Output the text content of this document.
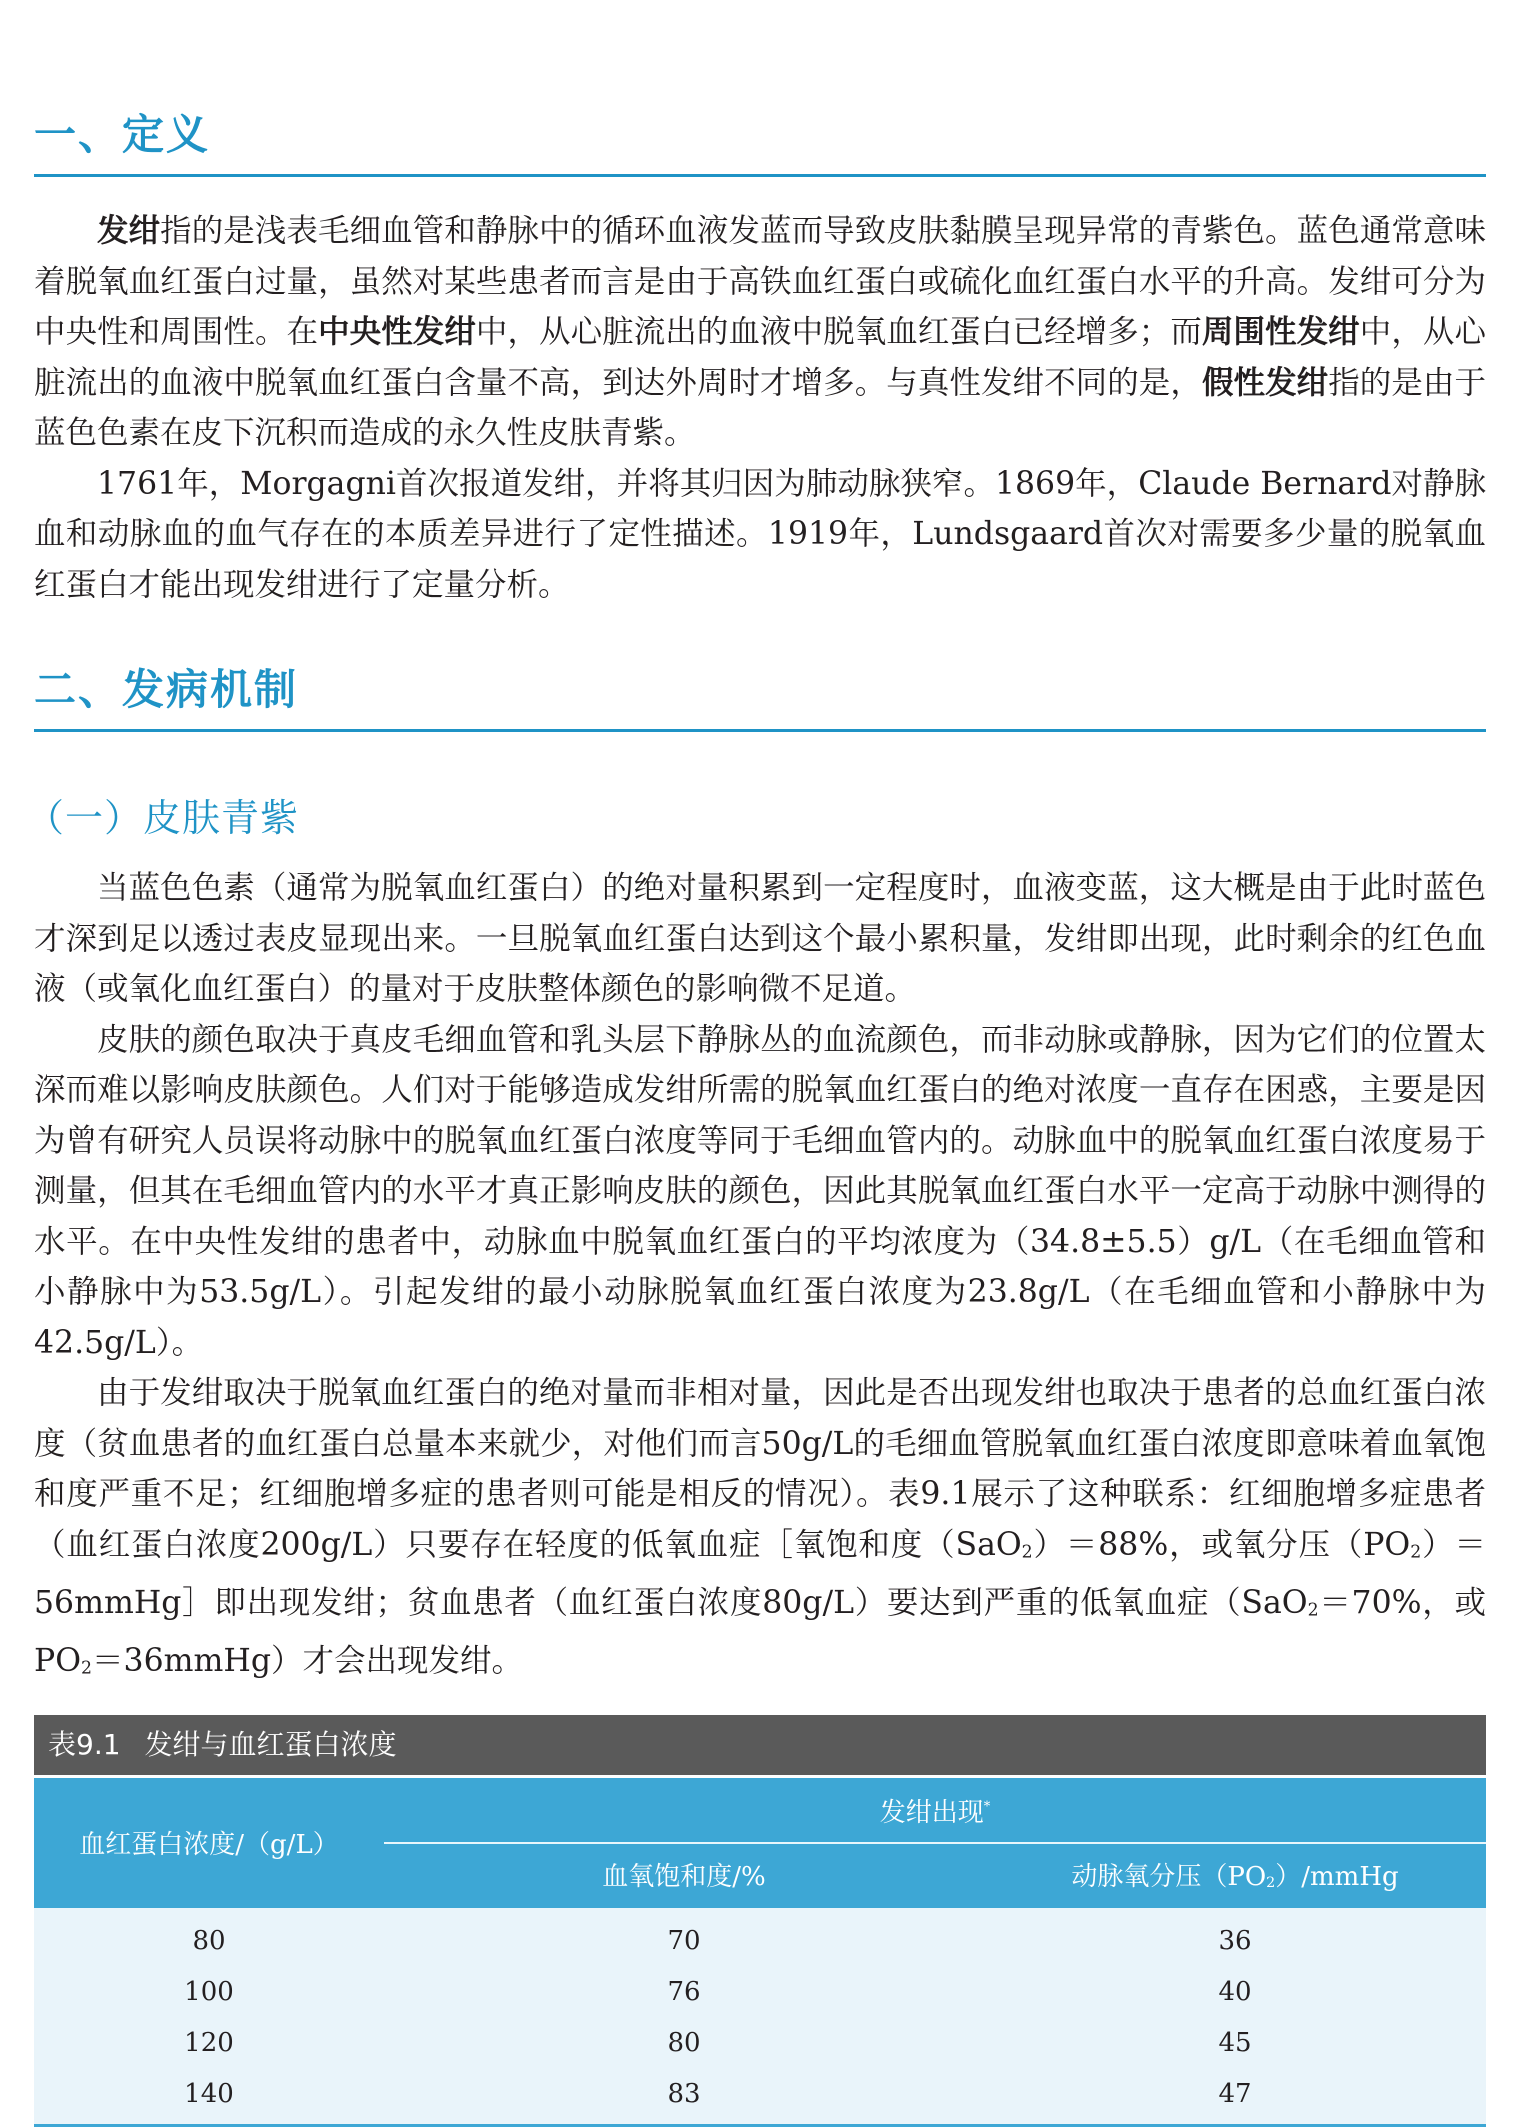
一、定义

发绀指的是浅表毛细血管和静脉中的循环血液发蓝而导致皮肤黏膜呈现异常的青紫色。蓝色通常意味着脱氧血红蛋白过量，虽然对某些患者而言是由于高铁血红蛋白或硫化血红蛋白水平的升高。发绀可分为中央性和周围性。在中央性发绀中，从心脏流出的血液中脱氧血红蛋白已经增多；而周围性发绀中，从心脏流出的血液中脱氧血红蛋白含量不高，到达外周时才增多。与真性发绀不同的是，假性发绀指的是由于蓝色色素在皮下沉积而造成的永久性皮肤青紫。

1761年，Morgagni首次报道发绀，并将其归因为肺动脉狭窄。1869年，Claude Bernard对静脉血和动脉血的血气存在的本质差异进行了定性描述。1919年，Lundsgaard首次对需要多少量的脱氧血红蛋白才能出现发绀进行了定量分析。

二、发病机制
（一）皮肤青紫

当蓝色色素（通常为脱氧血红蛋白）的绝对量积累到一定程度时，血液变蓝，这大概是由于此时蓝色才深到足以透过表皮显现出来。一旦脱氧血红蛋白达到这个最小累积量，发绀即出现，此时剩余的红色血液（或氧化血红蛋白）的量对于皮肤整体颜色的影响微不足道。

皮肤的颜色取决于真皮毛细血管和乳头层下静脉丛的血流颜色，而非动脉或静脉，因为它们的位置太深而难以影响皮肤颜色。人们对于能够造成发绀所需的脱氧血红蛋白的绝对浓度一直存在困惑，主要是因为曾有研究人员误将动脉中的脱氧血红蛋白浓度等同于毛细血管内的。动脉血中的脱氧血红蛋白浓度易于测量，但其在毛细血管内的水平才真正影响皮肤的颜色，因此其脱氧血红蛋白水平一定高于动脉中测得的水平。在中央性发绀的患者中，动脉血中脱氧血红蛋白的平均浓度为（34.8±5.5）g/L（在毛细血管和小静脉中为53.5g/L）。引起发绀的最小动脉脱氧血红蛋白浓度为23.8g/L（在毛细血管和小静脉中为42.5g/L）。

由于发绀取决于脱氧血红蛋白的绝对量而非相对量，因此是否出现发绀也取决于患者的总血红蛋白浓度（贫血患者的血红蛋白总量本来就少，对他们而言50g/L的毛细血管脱氧血红蛋白浓度即意味着血氧饱和度严重不足；红细胞增多症的患者则可能是相反的情况）。表9.1展示了这种联系：红细胞增多症患者（血红蛋白浓度200g/L）只要存在轻度的低氧血症［氧饱和度（SaO2）＝88%，或氧分压（PO2）＝56mmHg］即出现发绀；贫血患者（血红蛋白浓度80g/L）要达到严重的低氧血症（SaO2＝70%，或PO2＝36mmHg）才会出现发绀。

表9.1 发绀与血红蛋白浓度
血红蛋白浓度/（g/L）
发绀出现*
血氧饱和度/%	动脉氧分压（PO2）/mmHg
80	70	36
100	76	40
120	80	45
140	83	47
